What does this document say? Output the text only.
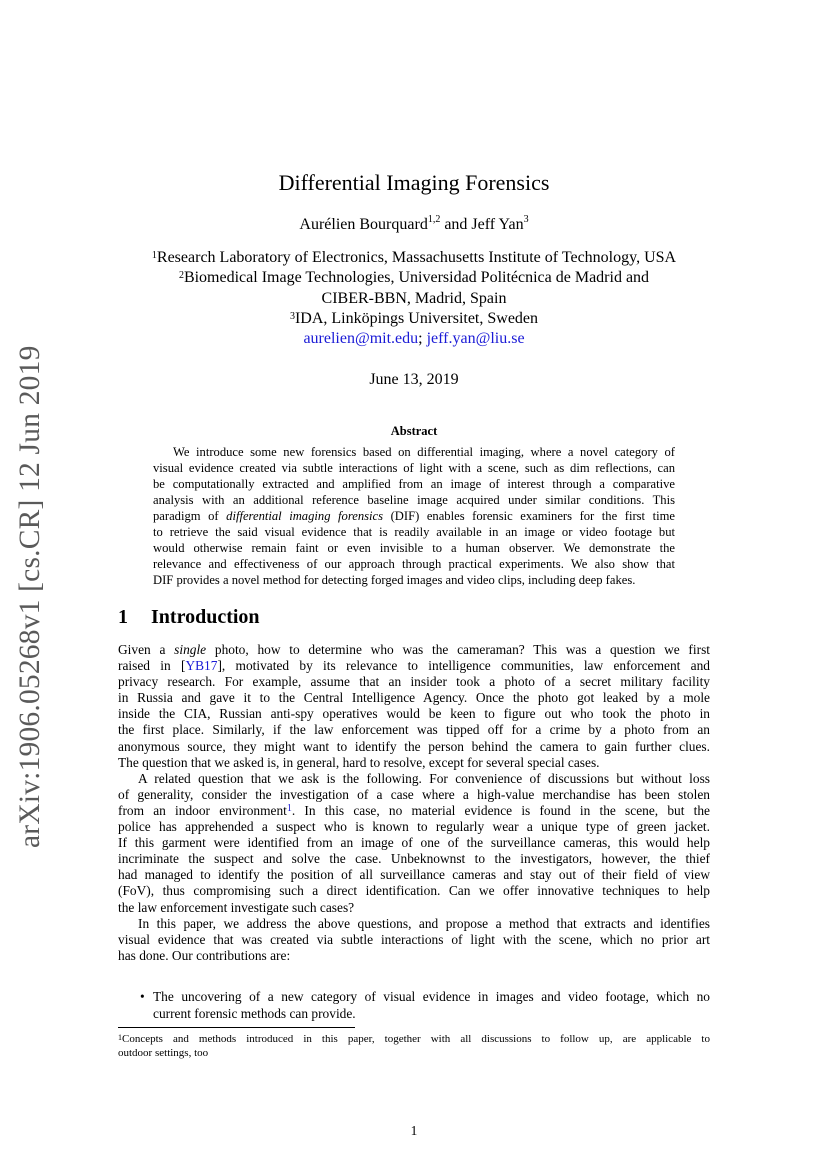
arXiv:1906.05268v1 [cs.CR] 12 Jun 2019
Differential Imaging Forensics
Aurélien Bourquard$^{1,2}$ and Jeff Yan$^3$
$^1$Research Laboratory of Electronics, Massachusetts Institute of Technology, USA
$^2$Biomedical Image Technologies, Universidad Politécnica de Madrid and
CIBER-BBN, Madrid, Spain
$^3$IDA, Linköpings Universitet, Sweden
aurelien@mit.edu; jeff.yan@liu.se
June 13, 2019
Abstract
We introduce some new forensics based on differential imaging, where a novel category of
visual evidence created via subtle interactions of light with a scene, such as dim reflections, can
be computationally extracted and amplified from an image of interest through a comparative
analysis with an additional reference baseline image acquired under similar conditions. This
paradigm of differential imaging forensics (DIF) enables forensic examiners for the first time
to retrieve the said visual evidence that is readily available in an image or video footage but
would otherwise remain faint or even invisible to a human observer. We demonstrate the
relevance and effectiveness of our approach through practical experiments. We also show that
DIF provides a novel method for detecting forged images and video clips, including deep fakes.
1 Introduction
Given a single photo, how to determine who was the cameraman? This was a question we first
raised in [YB17], motivated by its relevance to intelligence communities, law enforcement and
privacy research. For example, assume that an insider took a photo of a secret military facility
in Russia and gave it to the Central Intelligence Agency. Once the photo got leaked by a mole
inside the CIA, Russian anti-spy operatives would be keen to figure out who took the photo in
the first place. Similarly, if the law enforcement was tipped off for a crime by a photo from an
anonymous source, they might want to identify the person behind the camera to gain further clues.
The question that we asked is, in general, hard to resolve, except for several special cases.
A related question that we ask is the following. For convenience of discussions but without loss
of generality, consider the investigation of a case where a high-value merchandise has been stolen
from an indoor environment$^1$. In this case, no material evidence is found in the scene, but the
police has apprehended a suspect who is known to regularly wear a unique type of green jacket.
If this garment were identified from an image of one of the surveillance cameras, this would help
incriminate the suspect and solve the case. Unbeknownst to the investigators, however, the thief
had managed to identify the position of all surveillance cameras and stay out of their field of view
(FoV), thus compromising such a direct identification. Can we offer innovative techniques to help
the law enforcement investigate such cases?
In this paper, we address the above questions, and propose a method that extracts and identifies
visual evidence that was created via subtle interactions of light with the scene, which no prior art
has done. Our contributions are:
• The uncovering of a new category of visual evidence in images and video footage, which no
current forensic methods can provide.
$^1$Concepts and methods introduced in this paper, together with all discussions to follow up, are applicable to
outdoor settings, too
1
